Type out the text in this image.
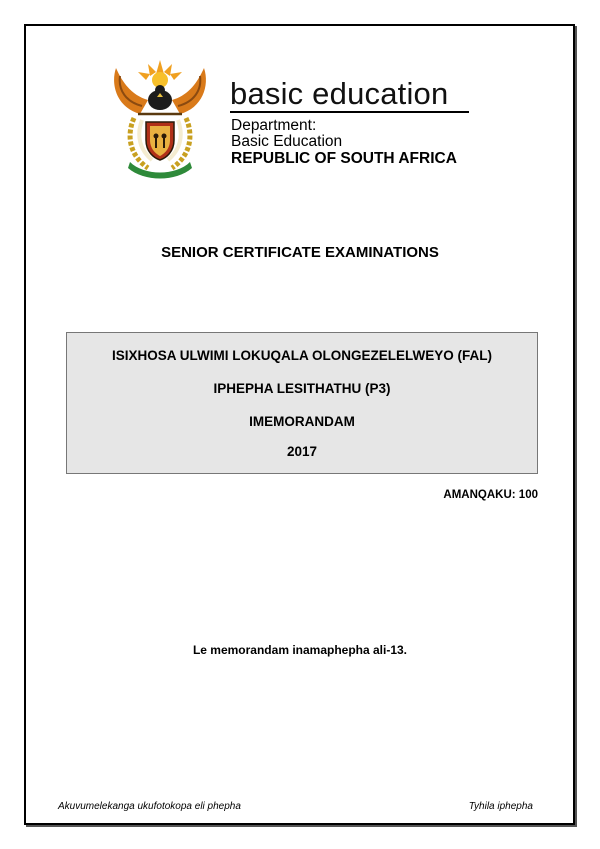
basic education
Department:
Basic Education
REPUBLIC OF SOUTH AFRICA
SENIOR CERTIFICATE EXAMINATIONS
ISIXHOSA ULWIMI LOKUQALA OLONGEZELELWEYO (FAL)
IPHEPHA LESITHATHU (P3)
IMEMORANDAM
2017
AMANQAKU: 100
Le memorandam inamaphepha ali-13.
Akuvumelekanga ukufotokopa eli phepha	Tyhila iphepha
